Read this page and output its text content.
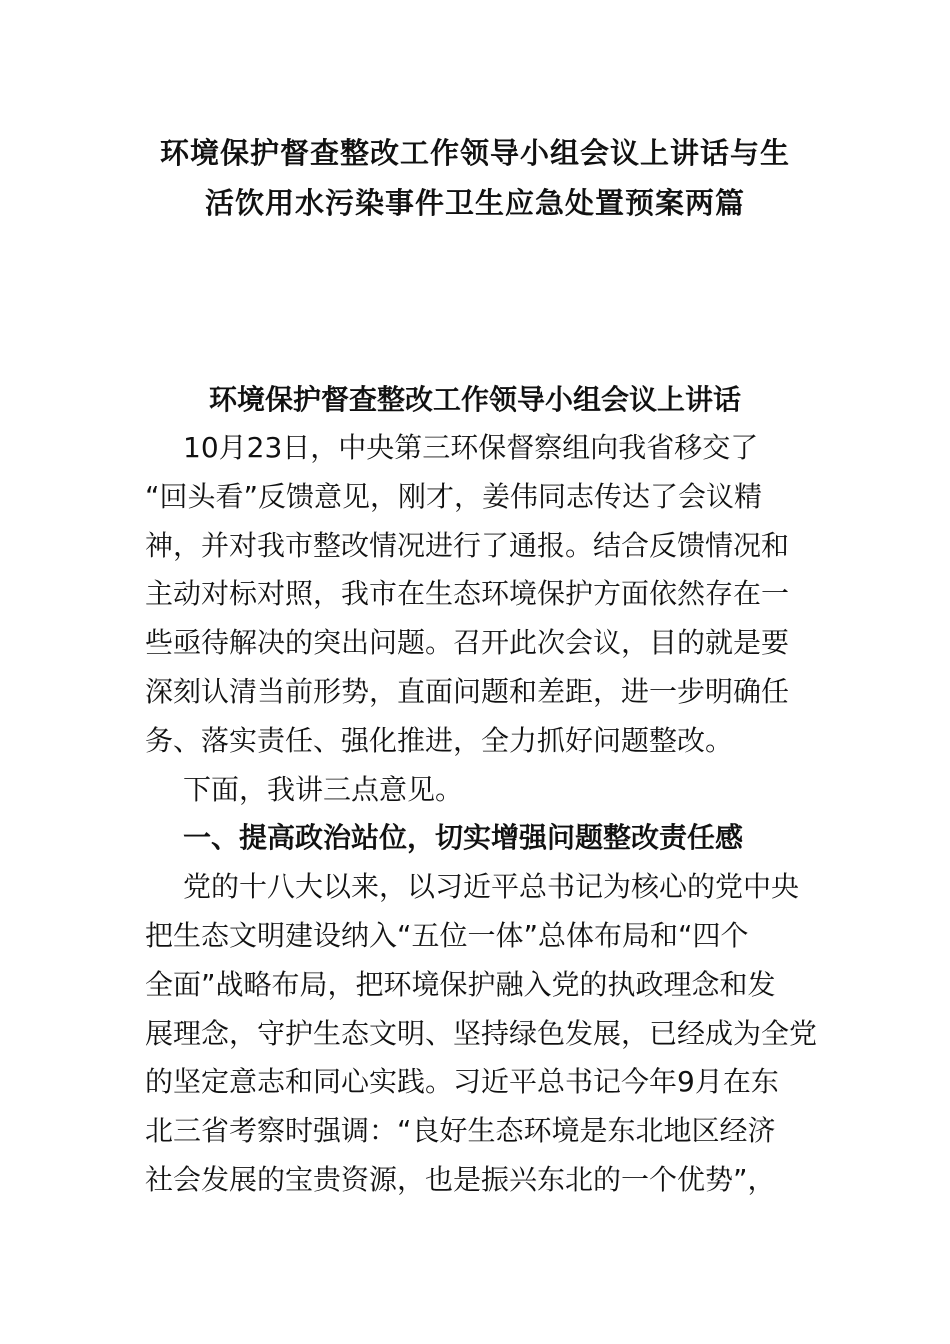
环境保护督查整改工作领导小组会议上讲话与生
活饮用水污染事件卫生应急处置预案两篇
环境保护督查整改工作领导小组会议上讲话
10月23日，中央第三环保督察组向我省移交了
“回头看”反馈意见，刚才，姜伟同志传达了会议精
神，并对我市整改情况进行了通报。结合反馈情况和
主动对标对照，我市在生态环境保护方面依然存在一
些亟待解决的突出问题。召开此次会议，目的就是要
深刻认清当前形势，直面问题和差距，进一步明确任
务、落实责任、强化推进，全力抓好问题整改。
下面，我讲三点意见。
一、提高政治站位，切实增强问题整改责任感
党的十八大以来，以习近平总书记为核心的党中央
把生态文明建设纳入“五位一体”总体布局和“四个
全面”战略布局，把环境保护融入党的执政理念和发
展理念，守护生态文明、坚持绿色发展，已经成为全党
的坚定意志和同心实践。习近平总书记今年9月在东
北三省考察时强调：“良好生态环境是东北地区经济
社会发展的宝贵资源，也是振兴东北的一个优势”，
